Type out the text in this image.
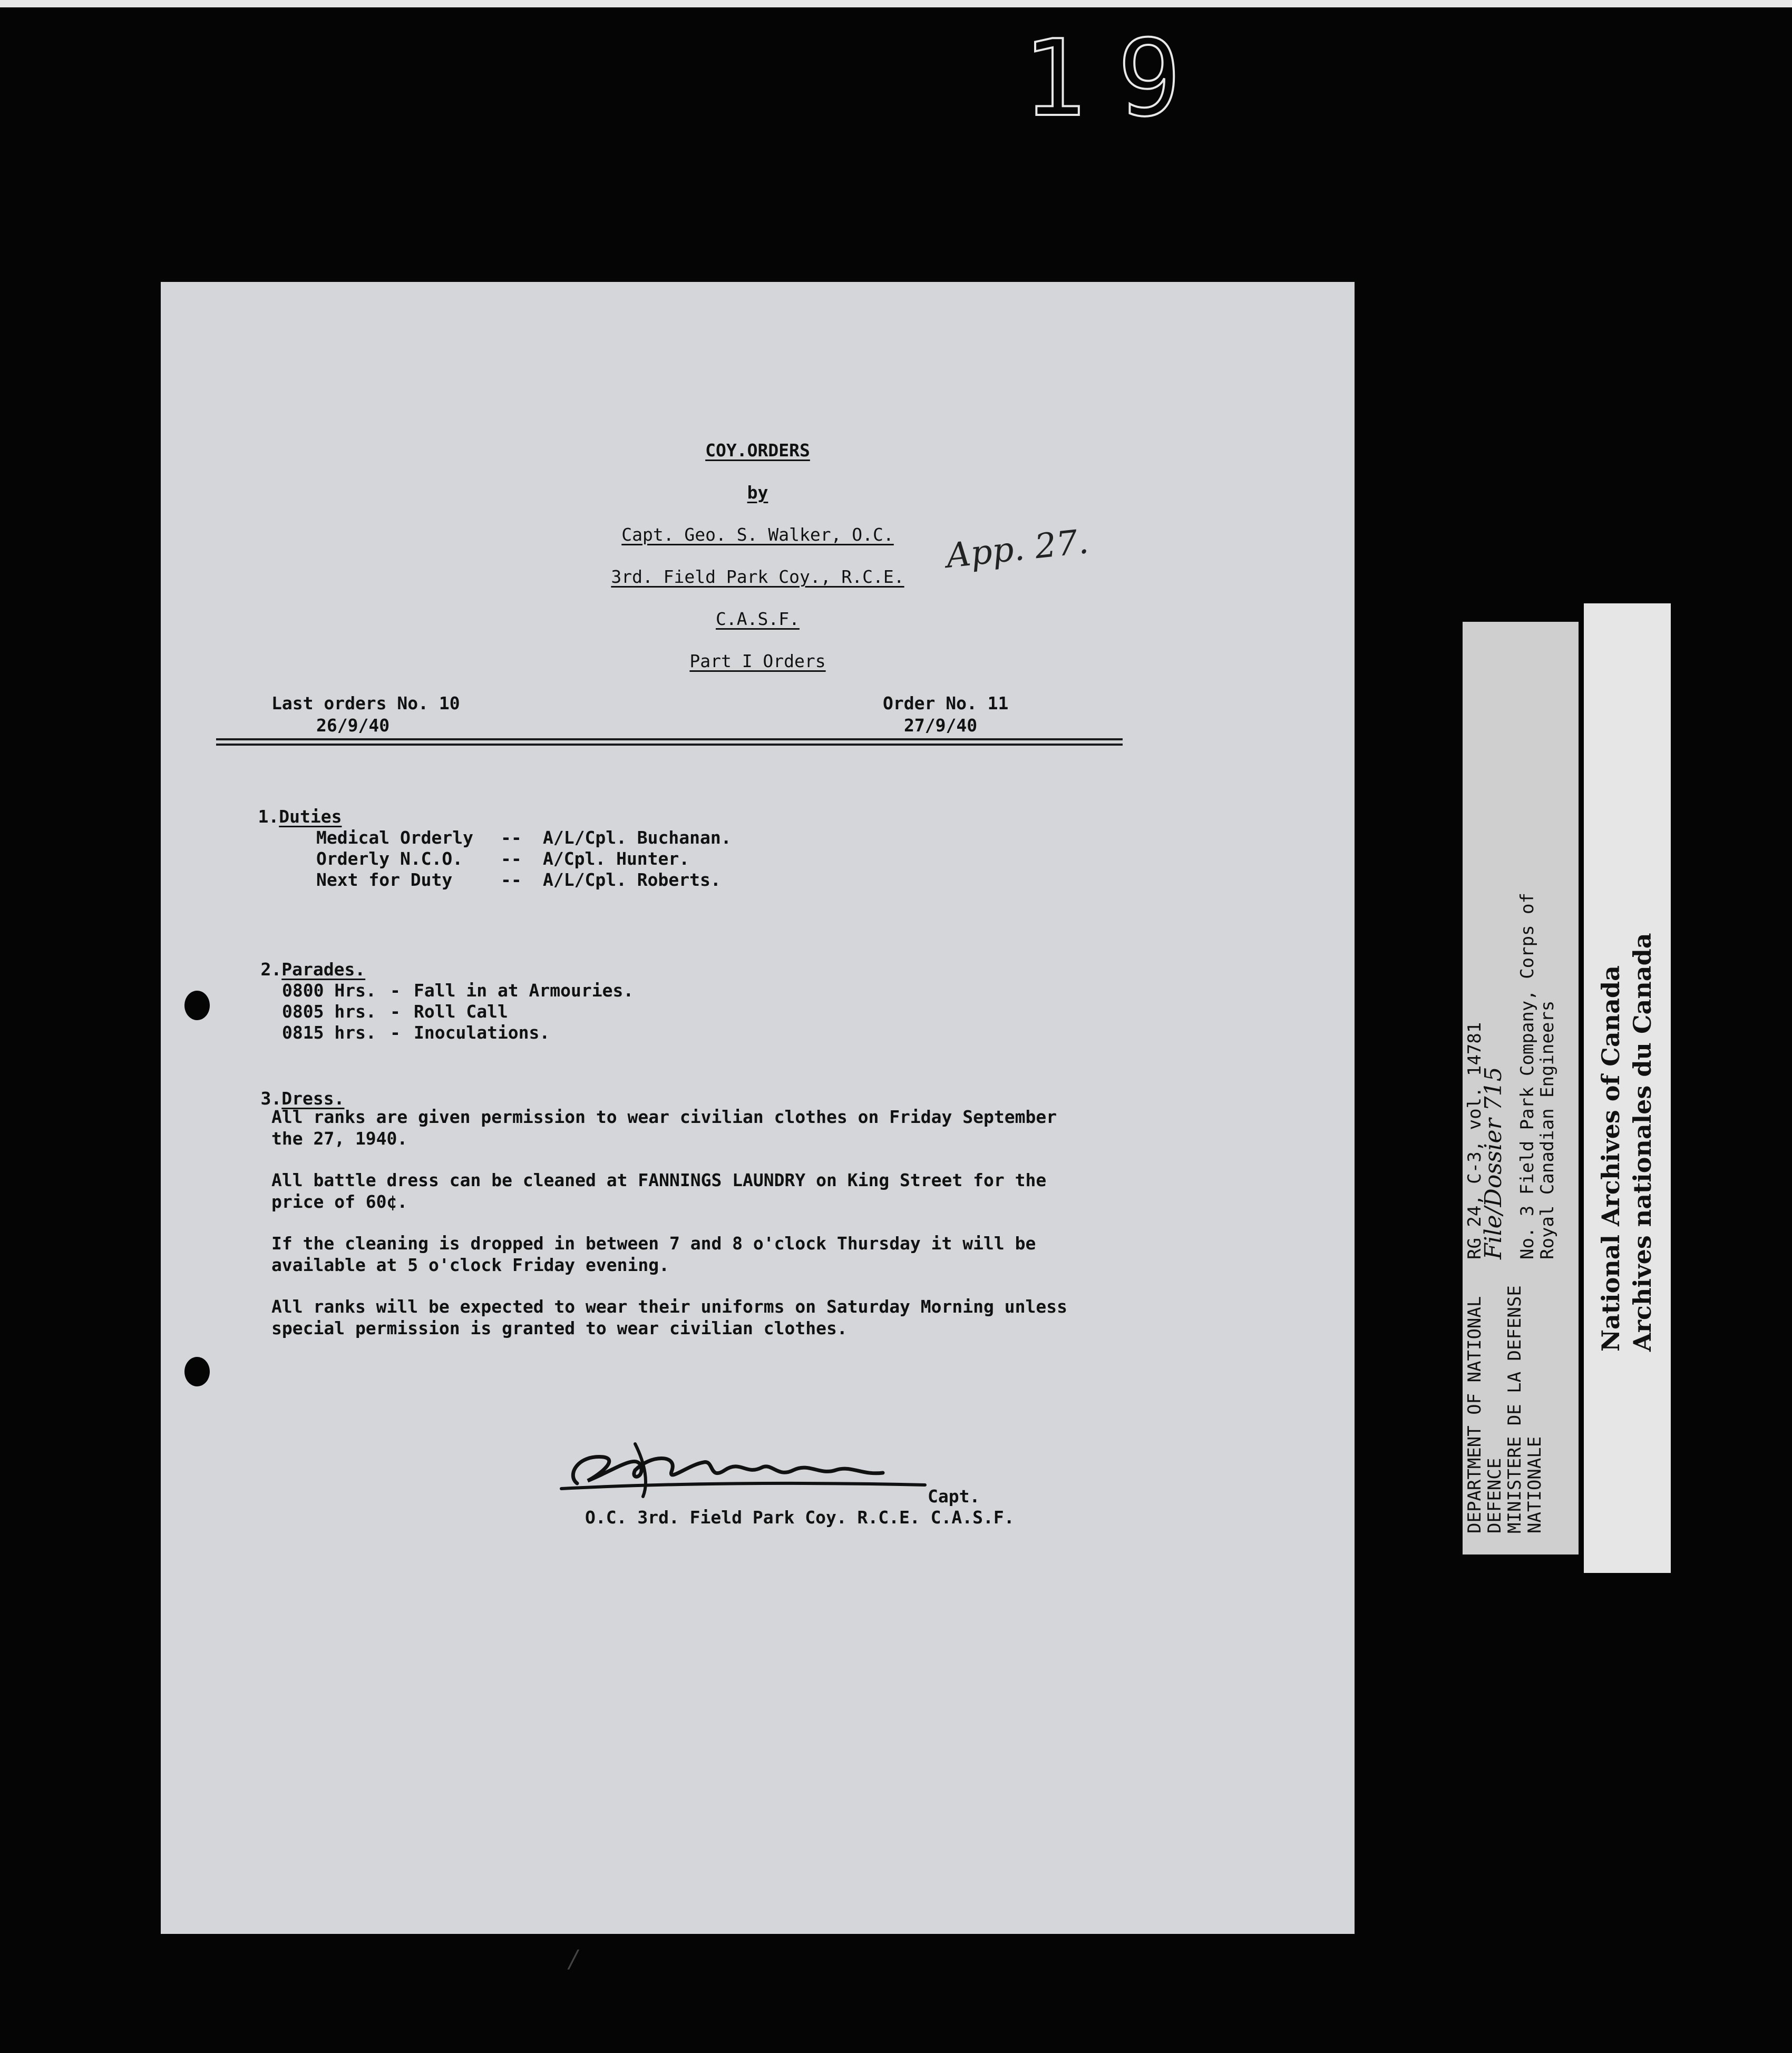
19
COY.ORDERS
by
Capt. Geo. S. Walker, O.C.
3rd. Field Park Coy., R.C.E.
C.A.S.F.
Part I Orders
App. 27.
Last orders No. 10
26/9/40
Order No. 11
27/9/40

1.Duties

Medical Orderly -- A/L/Cpl. Buchanan.
Orderly N.C.O. -- A/Cpl. Hunter.
Next for Duty	-- A/L/Cpl. Roberts.

2.Parades.

0800 Hrs. - Fall in at Armouries.
0805 hrs. - Roll Call
0815 hrs. - Inoculations.

3.Dress.

All ranks are given permission to wear civilian clothes on Friday September
the 27, 1940.
All battle dress can be cleaned at FANNINGS LAUNDRY on King Street for the
price of 60¢.
If the cleaning is dropped in between 7 and 8 o'clock Thursday it will be
available at 5 o'clock Friday evening.
All ranks will be expected to wear their uniforms on Saturday Morning unless
special permission is granted to wear civilian clothes.
Capt.
O.C. 3rd. Field Park Coy. R.C.E. C.A.S.F.	DEPARTMENT OF NATIONAL
DEFENCE
MINISTERE DE LA DEFENSE
NATIONALE
RG 24, C-3, vol. 14781
File/Dossier 715 No. 3 Field Park Company, Corps of
Royal Canadian Engineers National Archives of Canada Archives nationales du Canada
/
